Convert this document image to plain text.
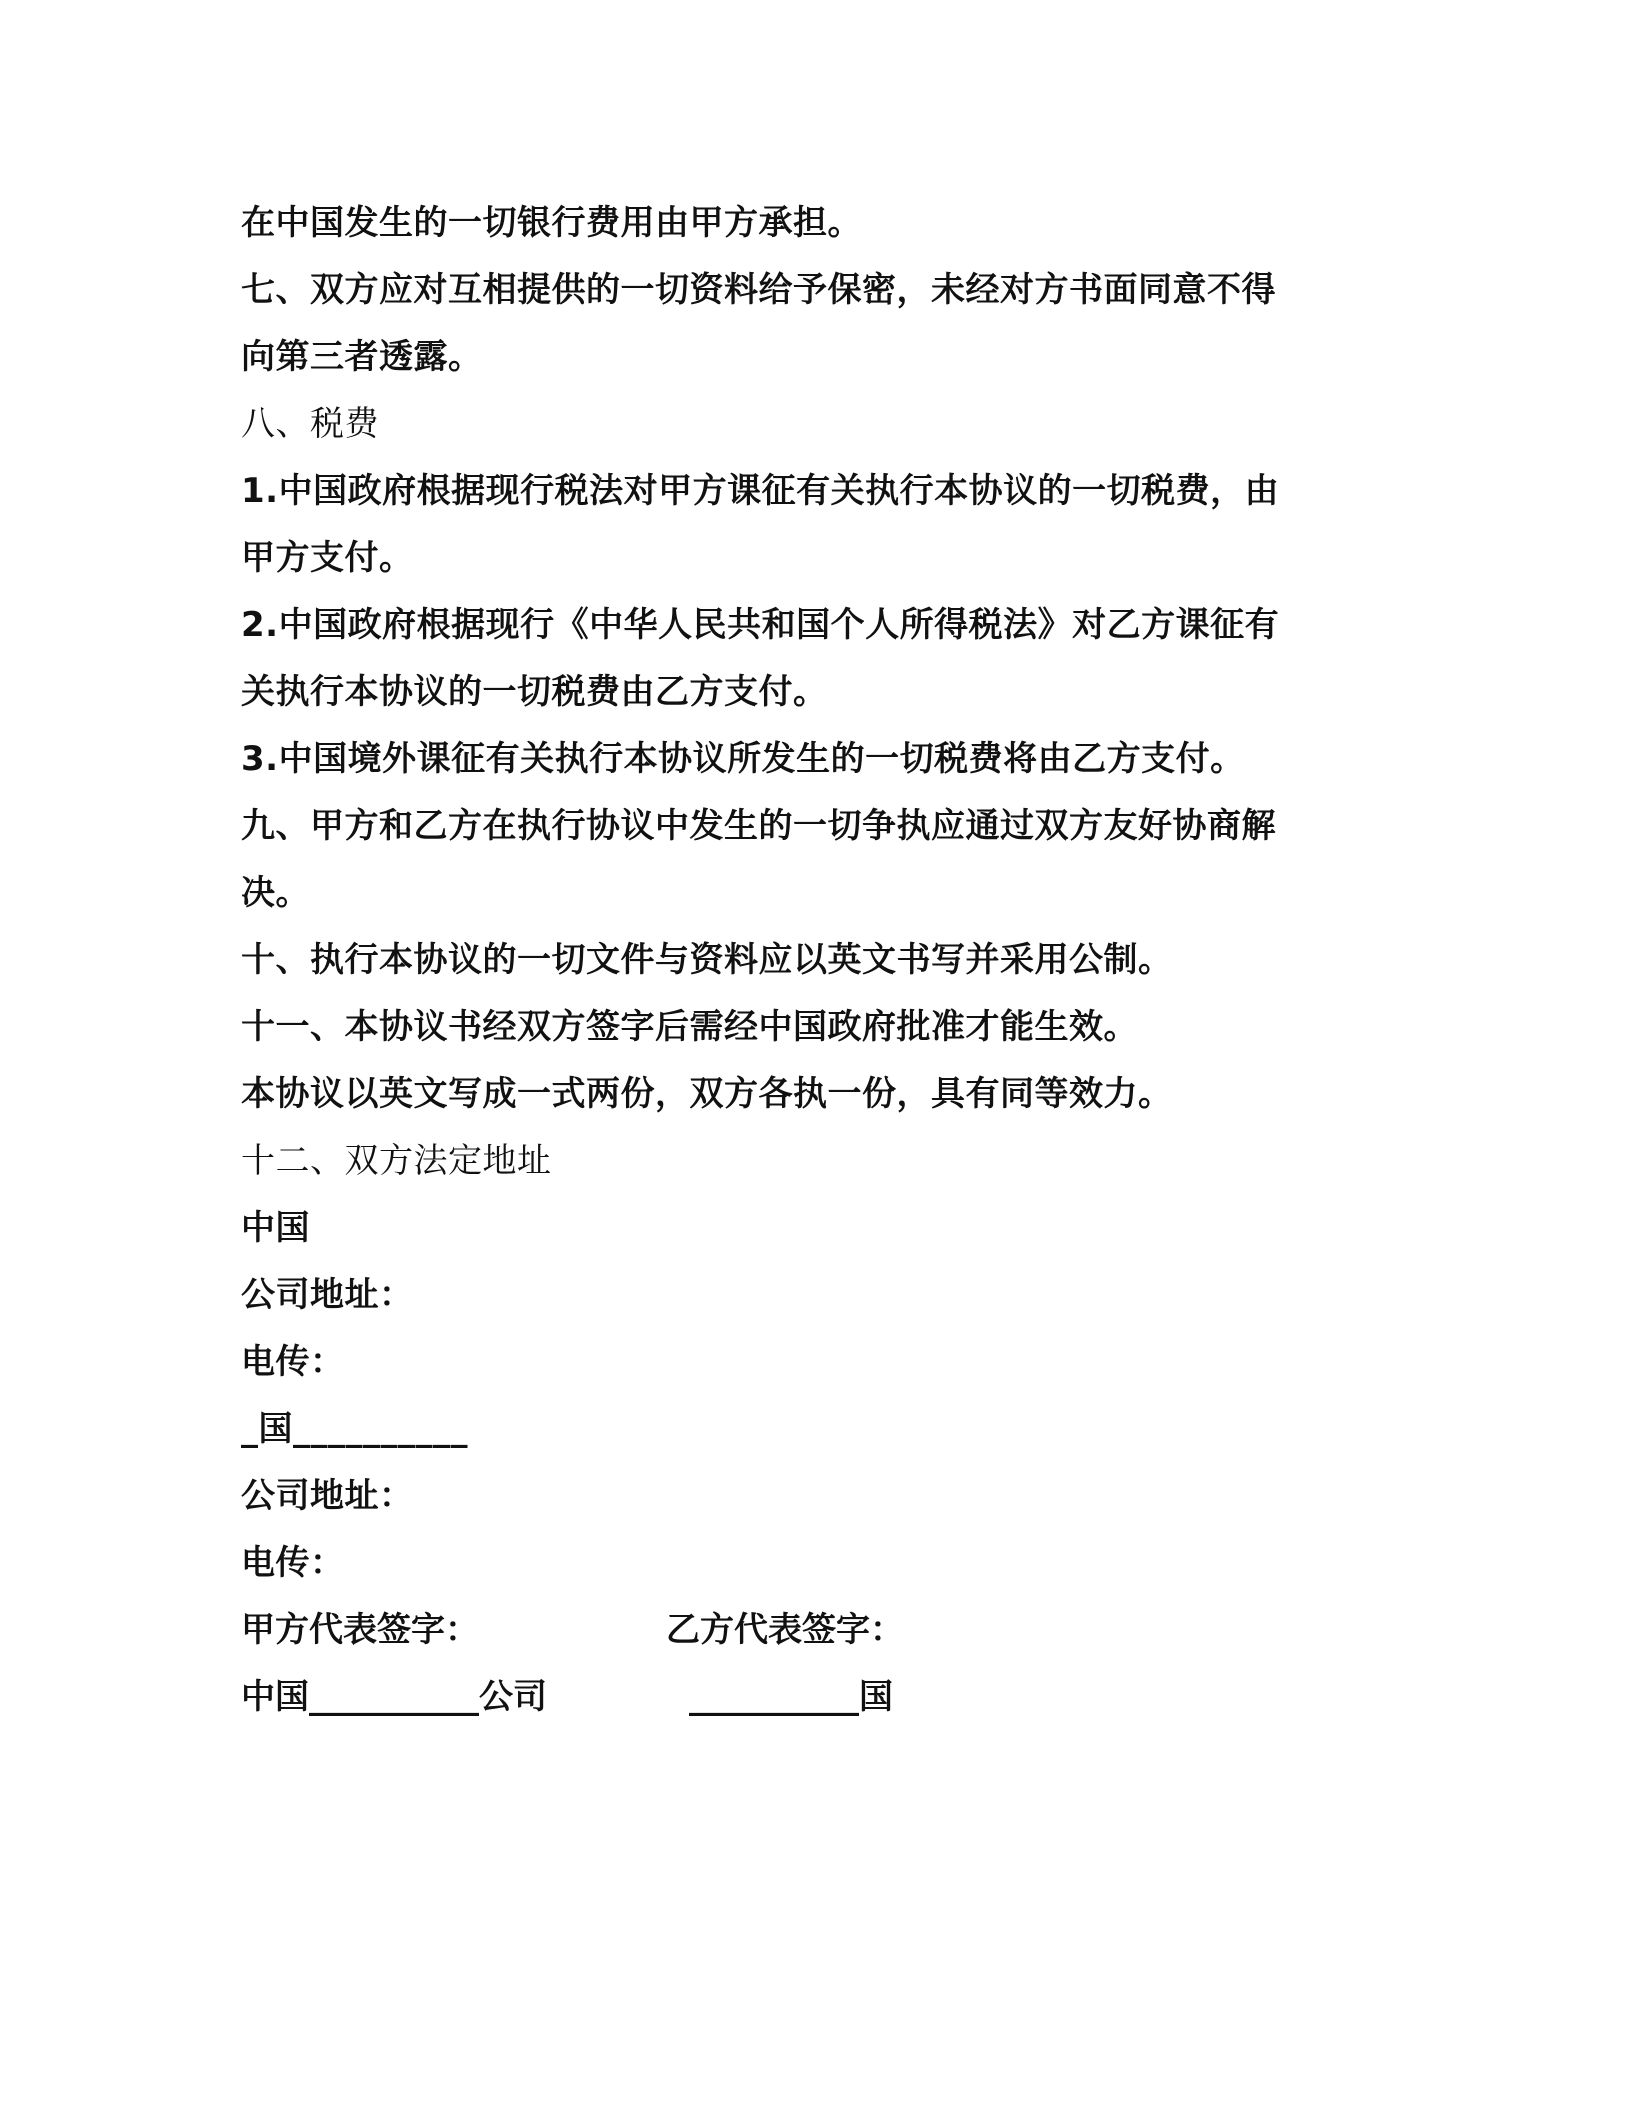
在中国发生的一切银行费用由甲方承担。
七、双方应对互相提供的一切资料给予保密，未经对方书面同意不得
向第三者透露。
八、税费
1.中国政府根据现行税法对甲方课征有关执行本协议的一切税费，由
甲方支付。
2.中国政府根据现行《中华人民共和国个人所得税法》对乙方课征有
关执行本协议的一切税费由乙方支付。
3.中国境外课征有关执行本协议所发生的一切税费将由乙方支付。
九、甲方和乙方在执行协议中发生的一切争执应通过双方友好协商解
决。
十、执行本协议的一切文件与资料应以英文书写并采用公制。
十一、本协议书经双方签字后需经中国政府批准才能生效。
本协议以英文写成一式两份，双方各执一份，具有同等效力。
十二、双方法定地址
中国
公司地址：
电传：
_国__________
公司地址：
电传：
甲方代表签字：	乙方代表签字：
中国__________公司	__________国
